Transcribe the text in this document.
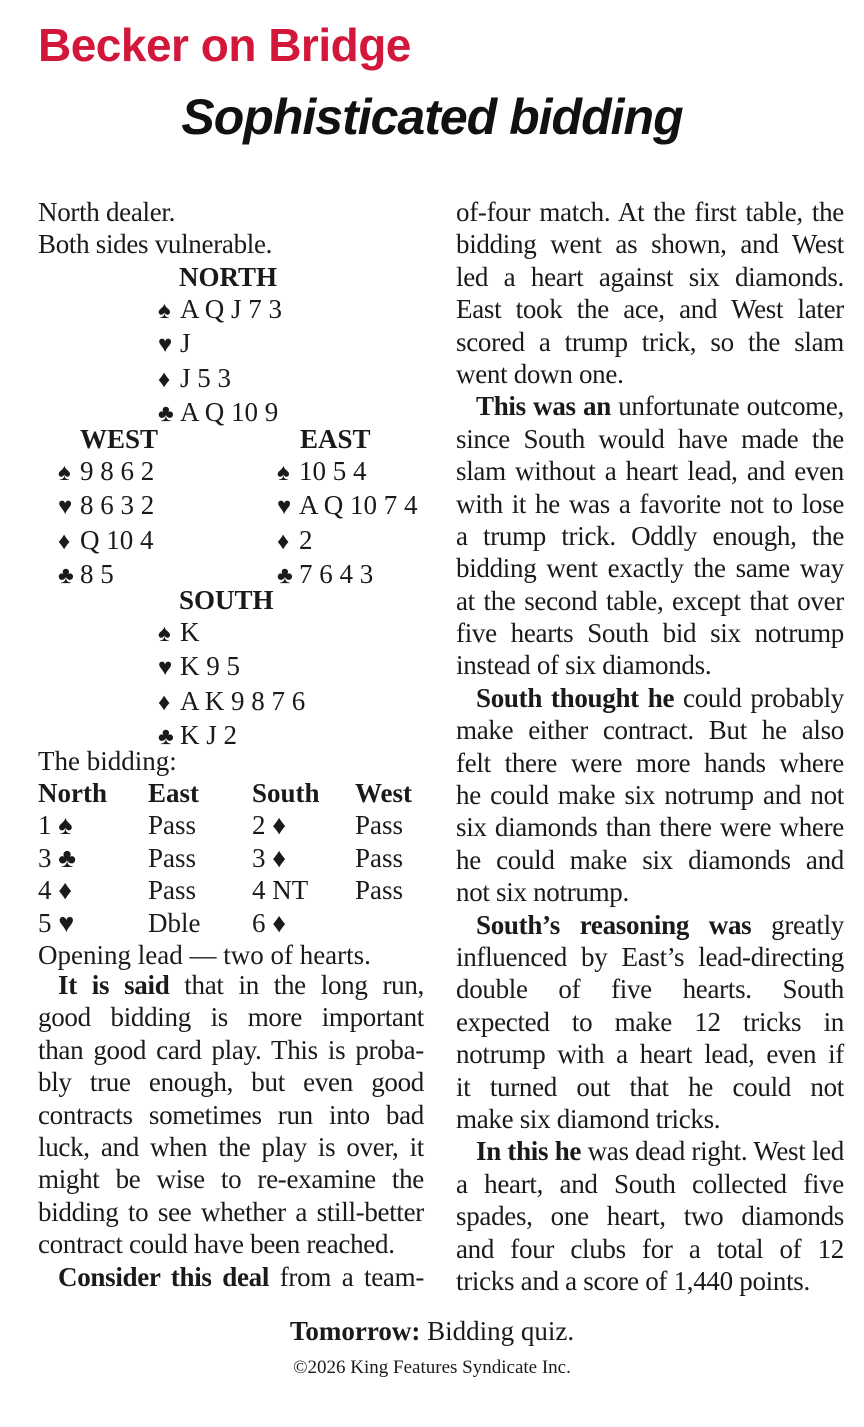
Becker on Bridge
Sophisticated bidding
North dealer.
Both sides vulnerable.
NORTH
♠ A Q J 7 3
♥ J
♦ J 5 3
♣ A Q 10 9
WEST
♠ 9 8 6 2
♥ 8 6 3 2
♦ Q 10 4
♣ 8 5
EAST
♠ 10 5 4
♥ A Q 10 7 4
♦ 2
♣ 7 6 4 3
SOUTH
♠ K
♥ K 9 5
♦ A K 9 8 7 6
♣ K J 2
The bidding:
North East South West
1 ♠	Pass 2 ♦	Pass
3 ♣	Pass 3 ♦	Pass
4 ♦	Pass 4 NT Pass
5 ♥	Dble 6 ♦
Opening lead — two of hearts.
It is said that in the long run,
good bidding is more important
than good card play. This is proba-
bly true enough, but even good
contracts sometimes run into bad
luck, and when the play is over, it
might be wise to re-examine the
bidding to see whether a still-better
contract could have been reached.
Consider this deal from a team-
of-four match. At the first table, the
bidding went as shown, and West
led a heart against six diamonds.
East took the ace, and West later
scored a trump trick, so the slam
went down one.
This was an unfortunate outcome,
since South would have made the
slam without a heart lead, and even
with it he was a favorite not to lose
a trump trick. Oddly enough, the
bidding went exactly the same way
at the second table, except that over
five hearts South bid six notrump
instead of six diamonds.
South thought he could probably
make either contract. But he also
felt there were more hands where
he could make six notrump and not
six diamonds than there were where
he could make six diamonds and
not six notrump.
South’s reasoning was greatly
influenced by East’s lead-directing
double of five hearts. South
expected to make 12 tricks in
notrump with a heart lead, even if
it turned out that he could not
make six diamond tricks.
In this he was dead right. West led
a heart, and South collected five
spades, one heart, two diamonds
and four clubs for a total of 12
tricks and a score of 1,440 points.
Tomorrow: Bidding quiz.
©2026 King Features Syndicate Inc.
